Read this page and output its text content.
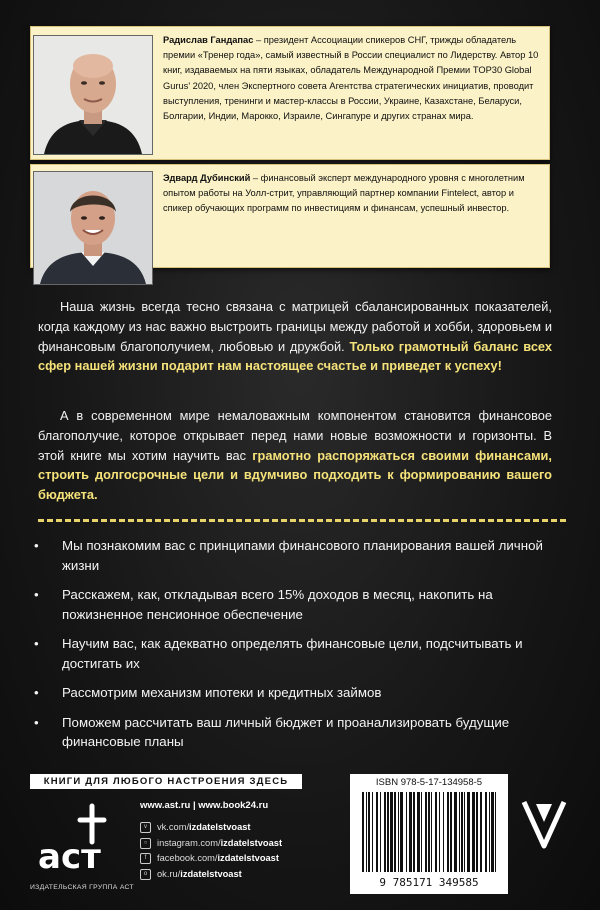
Радислав Гандапас – президент Ассоциации спикеров СНГ, трижды обладатель премии «Тренер года», самый известный в России специалист по Лидерству. Автор 10 книг, издаваемых на пяти языках, обладатель Международной Премии TOP30 Global Gurus' 2020, член Экспертного совета Агентства стратегических инициатив, проводит выступления, тренинги и мастер-классы в России, Украине, Казахстане, Беларуси, Болгарии, Индии, Марокко, Израиле, Сингапуре и других странах мира.
Эдвард Дубинский – финансовый эксперт международного уровня с многолетним опытом работы на Уолл-стрит, управляющий партнер компании Fintelect, автор и спикер обучающих программ по инвестициям и финансам, успешный инвестор.
Наша жизнь всегда тесно связана с матрицей сбалансированных показателей, когда каждому из нас важно выстроить границы между работой и хобби, здоровьем и финансовым благополучием, любовью и дружбой. Только грамотный баланс всех сфер нашей жизни подарит нам настоящее счастье и приведет к успеху!
А в современном мире немаловажным компонентом становится финансовое благополучие, которое открывает перед нами новые возможности и горизонты. В этой книге мы хотим научить вас грамотно распоряжаться своими финансами, строить долгосрочные цели и вдумчиво подходить к формированию вашего бюджета.
• Мы познакомим вас с принципами финансового планирования вашей личной жизни
• Расскажем, как, откладывая всего 15% доходов в месяц, накопить на пожизненное пенсионное обеспечение
• Научим вас, как адекватно определять финансовые цели, подсчитывать и достигать их
• Рассмотрим механизм ипотеки и кредитных займов
• Поможем рассчитать ваш личный бюджет и проанализировать будущие финансовые планы
КНИГИ ДЛЯ ЛЮБОГО НАСТРОЕНИЯ ЗДЕСЬ
аст
ИЗДАТЕЛЬСКАЯ ГРУППА АСТ
www.ast.ru | www.book24.ru
v	vk.com/ izdatelstvoast
○	instagram.com/ izdatelstvoast
f	facebook.com/ izdatelstvoast
o	ok.ru/ izdatelstvoast
ISBN 978-5-17-134958-5
9 785171 349585
